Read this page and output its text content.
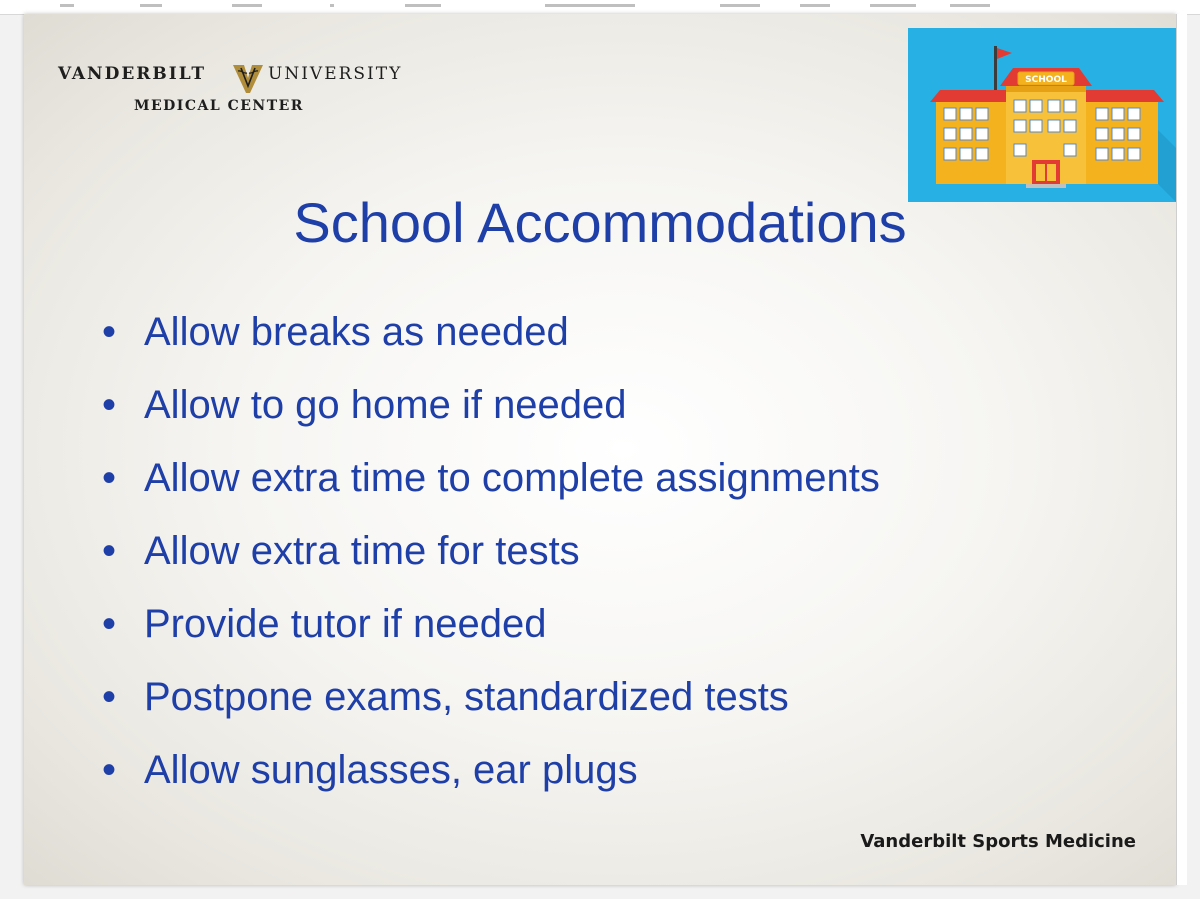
VANDERBILT	UNIVERSITY
MEDICAL CENTER
SCHOOL
School Accommodations
• Allow breaks as needed
• Allow to go home if needed
• Allow extra time to complete assignments
• Allow extra time for tests
• Provide tutor if needed
• Postpone exams, standardized tests
• Allow sunglasses, ear plugs
Vanderbilt Sports Medicine
